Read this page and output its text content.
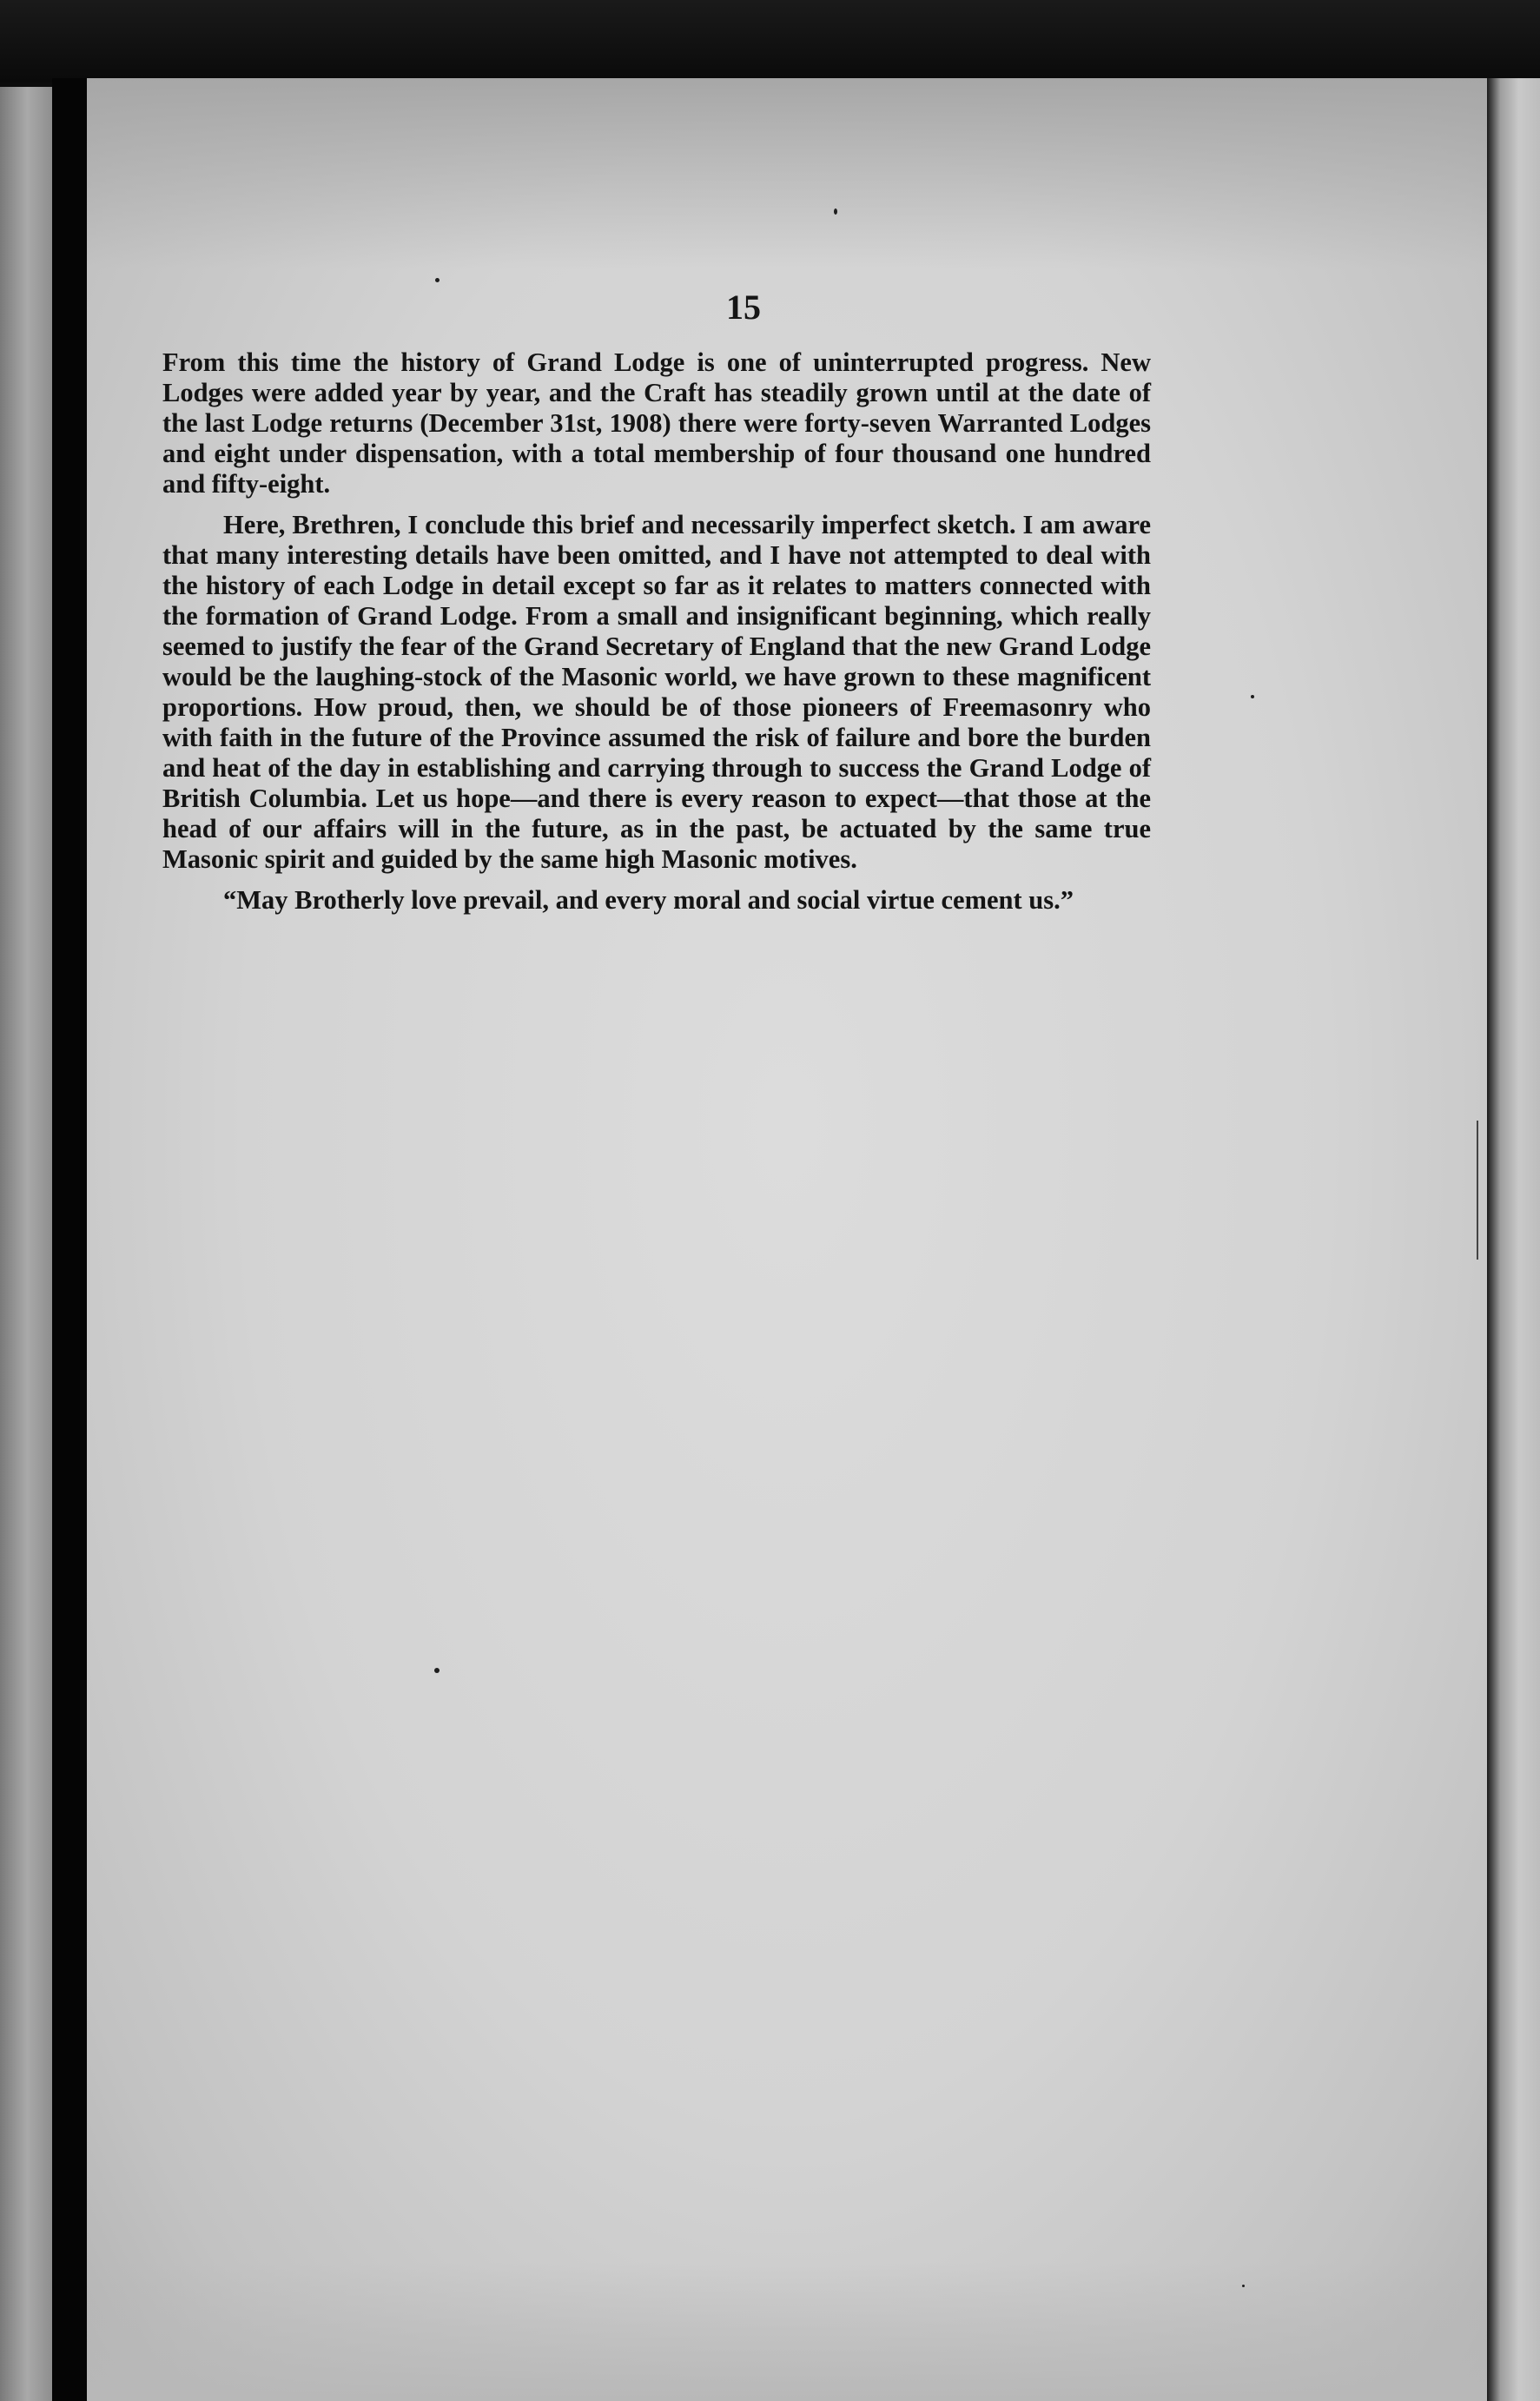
15

From this time the history of Grand Lodge is one of uninterrupted progress. New Lodges were added year by year, and the Craft has steadily grown until at the date of the last Lodge returns (December 31st, 1908) there were forty-seven Warranted Lodges and eight under dispensation, with a total membership of four thousand one hundred and fifty-eight.

Here, Brethren, I conclude this brief and necessarily imperfect sketch. I am aware that many interesting details have been omitted, and I have not attempted to deal with the history of each Lodge in detail except so far as it relates to matters connected with the formation of Grand Lodge. From a small and insignificant beginning, which really seemed to justify the fear of the Grand Secretary of England that the new Grand Lodge would be the laughing-stock of the Masonic world, we have grown to these magnificent proportions. How proud, then, we should be of those pioneers of Freemasonry who with faith in the future of the Province assumed the risk of failure and bore the burden and heat of the day in establishing and carrying through to success the Grand Lodge of British Columbia. Let us hope—and there is every reason to expect—that those at the head of our affairs will in the future, as in the past, be actuated by the same true Masonic spirit and guided by the same high Masonic motives.

“May Brotherly love prevail, and every moral and social virtue cement us.”
